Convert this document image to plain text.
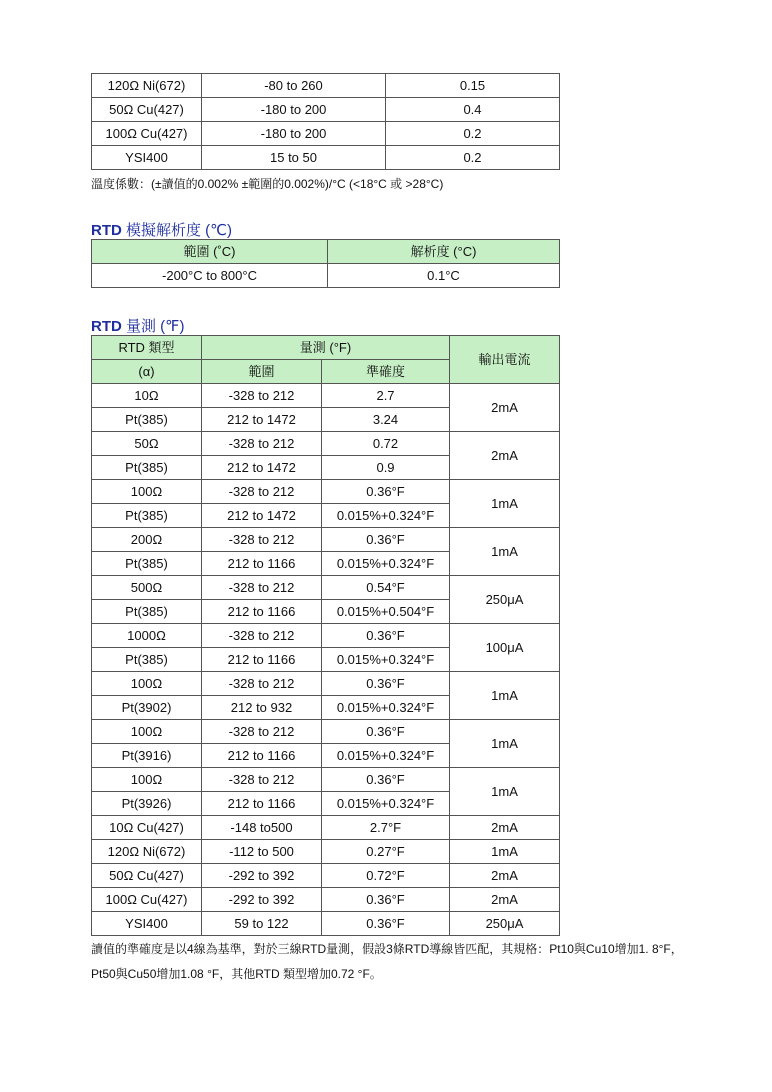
120Ω Ni(672)	-80 to 260	0.15
50Ω Cu(427)	-180 to 200	0.4
100Ω Cu(427)	-180 to 200	0.2
YSI400	15 to 50	0.2
溫度係數：(±讀值的0.002% ±範圍的0.002%)/°C (<18°C 或 >28°C)
RTD 模擬解析度 (℃)
範圍 (˚C)	解析度 (°C)
-200°C to 800°C	0.1°C
RTD 量測 (℉)
RTD 類型	量測 (°F)		輸出電流
(α)	範圍	準確度	
10Ω	-328 to 212	2.7	2mA
Pt(385)	212 to 1472	3.24	
50Ω	-328 to 212	0.72	2mA
Pt(385)	212 to 1472	0.9	
100Ω	-328 to 212	0.36°F	1mA
Pt(385)	212 to 1472	0.015%+0.324°F	
200Ω	-328 to 212	0.36°F	1mA
Pt(385)	212 to 1166	0.015%+0.324°F	
500Ω	-328 to 212	0.54°F	250μA
Pt(385)	212 to 1166	0.015%+0.504°F	
1000Ω	-328 to 212	0.36°F	100μA
Pt(385)	212 to 1166	0.015%+0.324°F	
100Ω	-328 to 212	0.36°F	1mA
Pt(3902)	212 to 932	0.015%+0.324°F	
100Ω	-328 to 212	0.36°F	1mA
Pt(3916)	212 to 1166	0.015%+0.324°F	
100Ω	-328 to 212	0.36°F	1mA
Pt(3926)	212 to 1166	0.015%+0.324°F	
10Ω Cu(427)	-148 to500	2.7°F	2mA
120Ω Ni(672)	-112 to 500	0.27°F	1mA
50Ω Cu(427)	-292 to 392	0.72°F	2mA
100Ω Cu(427)	-292 to 392	0.36°F	2mA
YSI400	59 to 122	0.36°F	250μA
讀值的準確度是以4線為基準，對於三線RTD量測，假設3條RTD導線皆匹配，其規格：Pt10與Cu10增加1. 8°F，
Pt50與Cu50增加1.08 °F，其他RTD 類型增加0.72 °F。
